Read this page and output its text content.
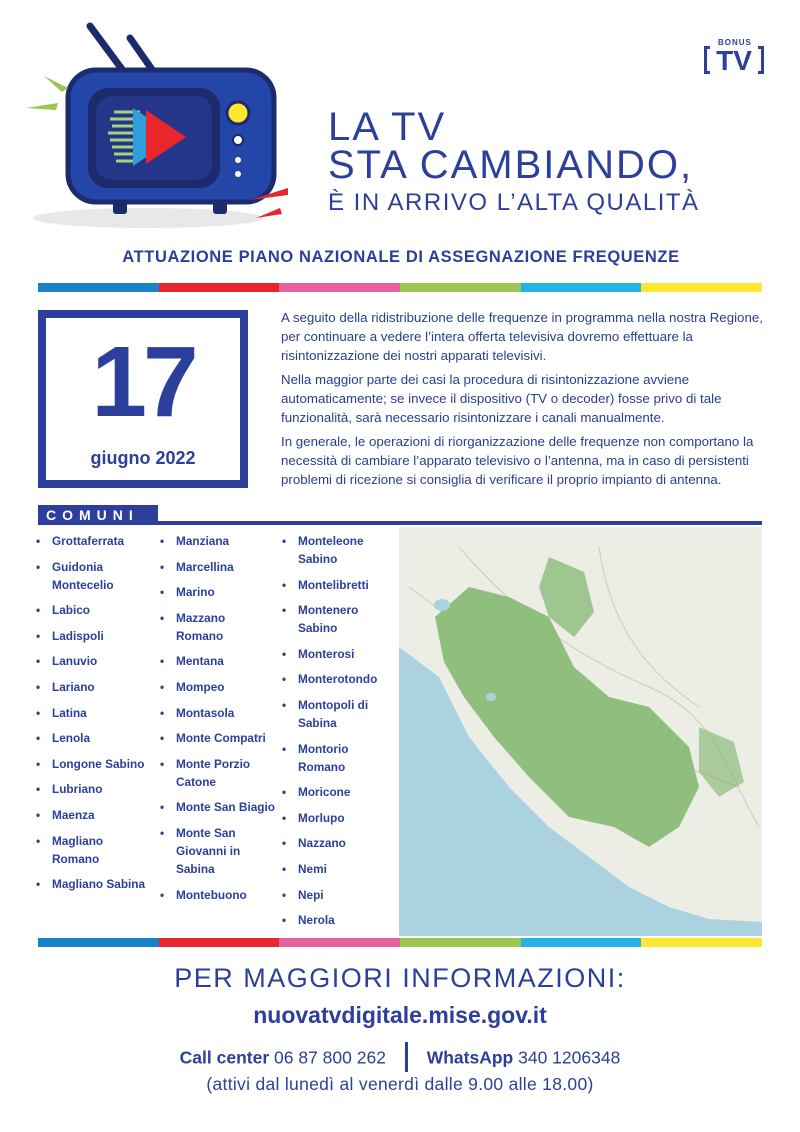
BONUS
TV
LA TV
STA CAMBIANDO,
È IN ARRIVO L’ALTA QUALITÀ
ATTUAZIONE PIANO NAZIONALE DI ASSEGNAZIONE FREQUENZE
17
giugno 2022

A seguito della ridistribuzione delle frequenze in programma nella nostra Regione, per continuare a vedere l’intera offerta televisiva dovremo effettuare la risintonizzazione dei nostri apparati televisivi.

Nella maggior parte dei casi la procedura di risintonizzazione avviene automaticamente; se invece il dispositivo (TV o decoder) fosse privo di tale funzionalità, sarà necessario risintonizzare i canali manualmente.

In generale, le operazioni di riorganizzazione delle frequenze non comportano la necessità di cambiare l’apparato televisivo o l’antenna, ma in caso di persistenti problemi di ricezione si consiglia di verificare il proprio impianto di antenna.

COMUNI
• Grottaferrata
• Guidonia Montecelio
• Labico
• Ladispoli
• Lanuvio
• Lariano
• Latina
• Lenola
• Longone Sabino
• Lubriano
• Maenza
• Magliano Romano
• Magliano Sabina
• Manziana
• Marcellina
• Marino
• Mazzano Romano
• Mentana
• Mompeo
• Montasola
• Monte Compatri
• Monte Porzio Catone
• Monte San Biagio
• Monte San Giovanni in Sabina
• Montebuono
• Monteleone Sabino
• Montelibretti
• Montenero Sabino
• Monterosi
• Monterotondo
• Montopoli di Sabina
• Montorio Romano
• Moricone
• Morlupo
• Nazzano
• Nemi
• Nepi
• Nerola
PER MAGGIORI INFORMAZIONI:
nuovatvdigitale.mise.gov.it
Call center 06 87 800 262 WhatsApp 340 1206348
(attivi dal lunedì al venerdì dalle 9.00 alle 18.00)
